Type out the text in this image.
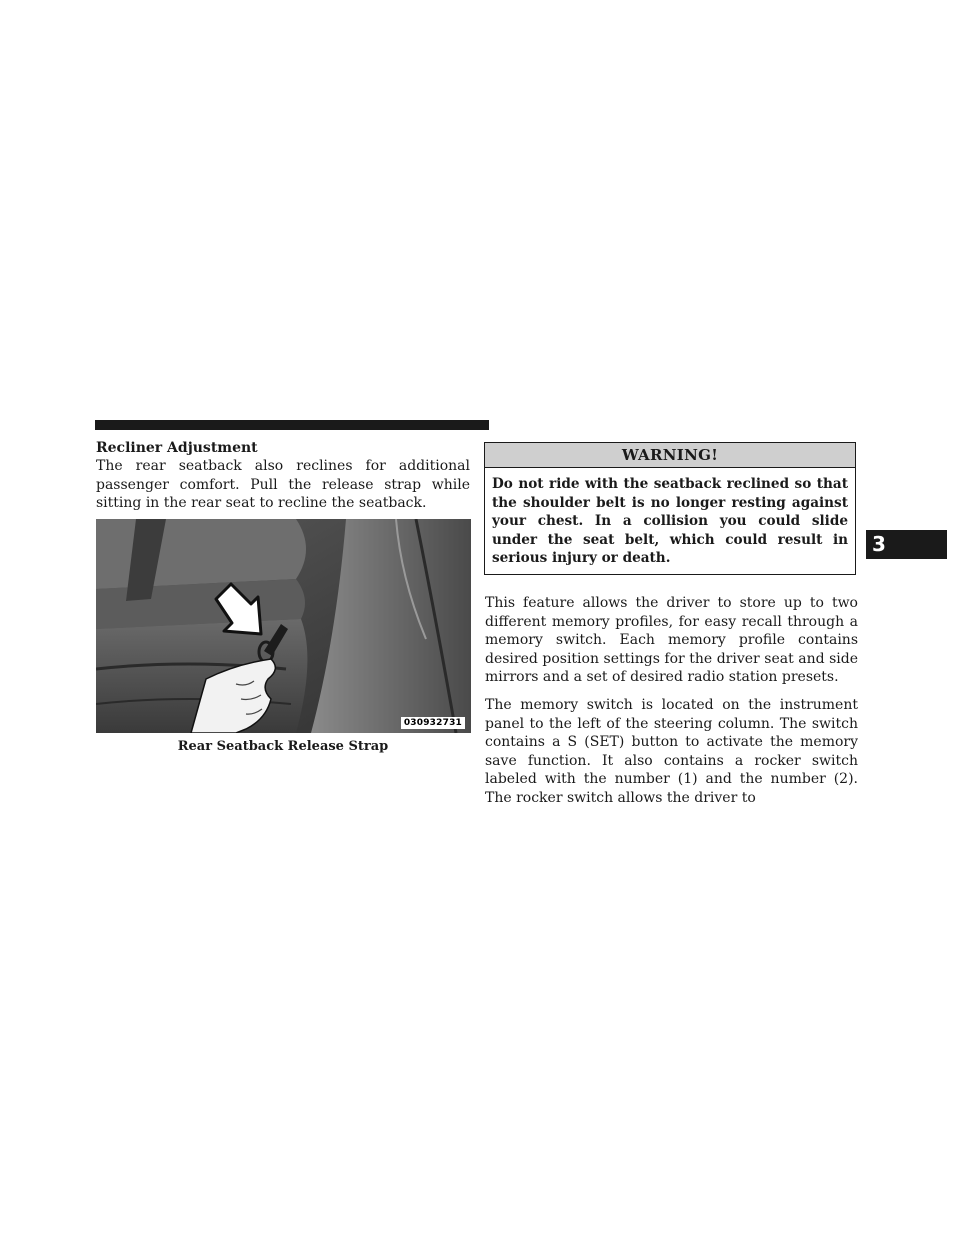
Recliner Adjustment

The rear seatback also reclines for additional passenger comfort. Pull the release strap while sitting in the rear seat to recline the seatback.

030932731
Rear Seatback Release Strap
WARNING!
Do not ride with the seatback reclined so that the shoulder belt is no longer resting against your chest. In a collision you could slide under the seat belt, which could result in serious injury or death.

This feature allows the driver to store up to two different memory profiles, for easy recall through a memory switch. Each memory profile contains desired position settings for the driver seat and side mirrors and a set of desired radio station presets.

The memory switch is located on the instrument panel to the left of the steering column. The switch contains a S (SET) button to activate the memory save function. It also contains a rocker switch labeled with the number (1) and the number (2). The rocker switch allows the driver to

3
